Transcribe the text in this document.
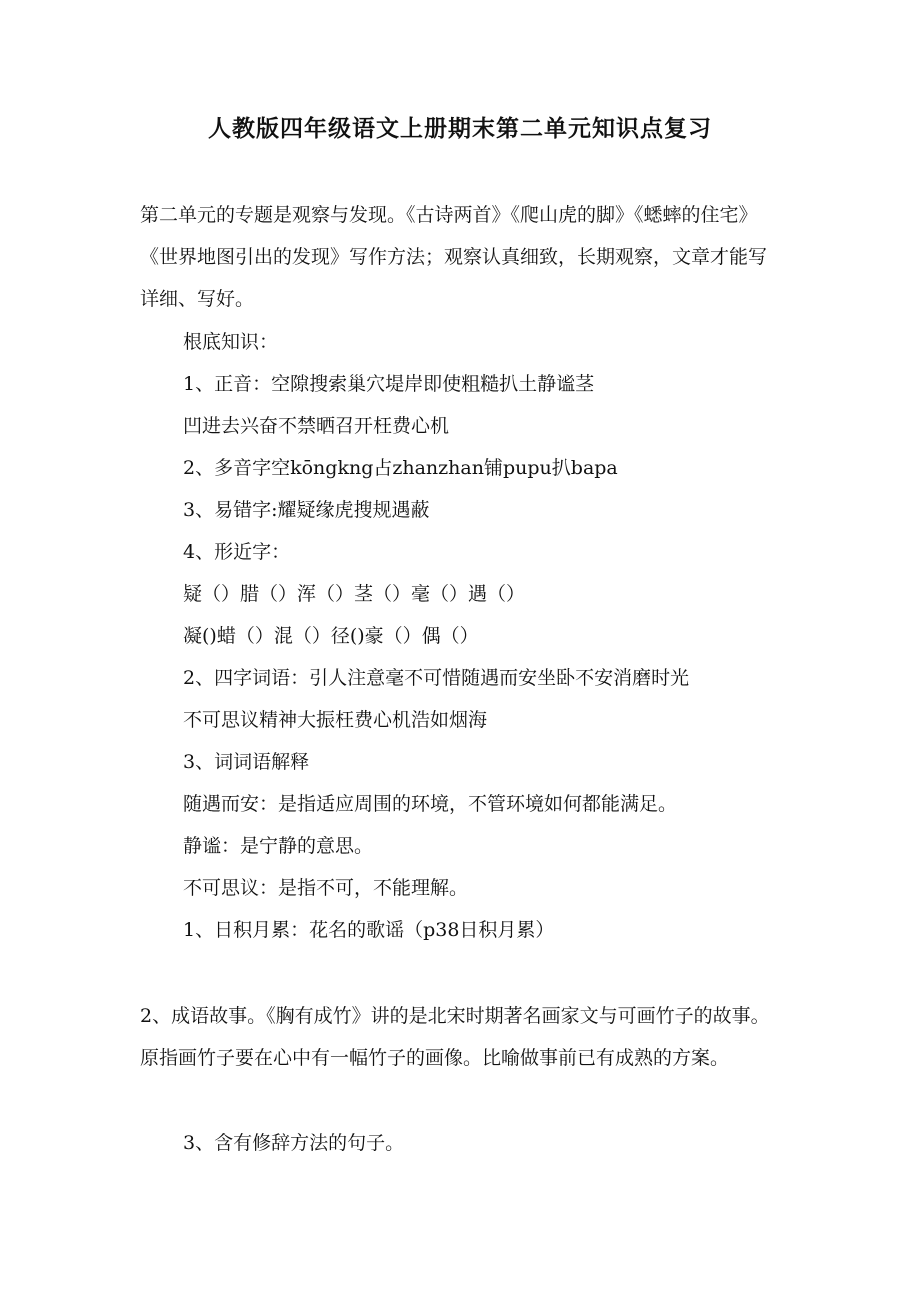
人教版四年级语文上册期末第二单元知识点复习

第二单元的专题是观察与发现。《古诗两首》《爬山虎的脚》《蟋蟀的住宅》《世界地图引出的发现》写作方法；观察认真细致，长期观察，文章才能写详细、写好。

根底知识：
1、正音：空隙搜索巢穴堤岸即使粗糙扒土静谧茎
凹进去兴奋不禁晒召开枉费心机
2、多音字空kōngkng占zhanzhan铺pupu扒bapa
3、易错字:耀疑缘虎搜规遇蔽
4、形近字：
疑（）腊（）浑（）茎（）毫（）遇（）
凝()蜡（）混（）径()豪（）偶（）
2、四字词语：引人注意毫不可惜随遇而安坐卧不安消磨时光
不可思议精神大振枉费心机浩如烟海
3、词词语解释
随遇而安：是指适应周围的环境，不管环境如何都能满足。
静谧：是宁静的意思。
不可思议：是指不可，不能理解。
1、日积月累：花名的歌谣（p38日积月累）

2、成语故事。《胸有成竹》讲的是北宋时期著名画家文与可画竹子的故事。原指画竹子要在心中有一幅竹子的画像。比喻做事前已有成熟的方案。

3、含有修辞方法的句子。
